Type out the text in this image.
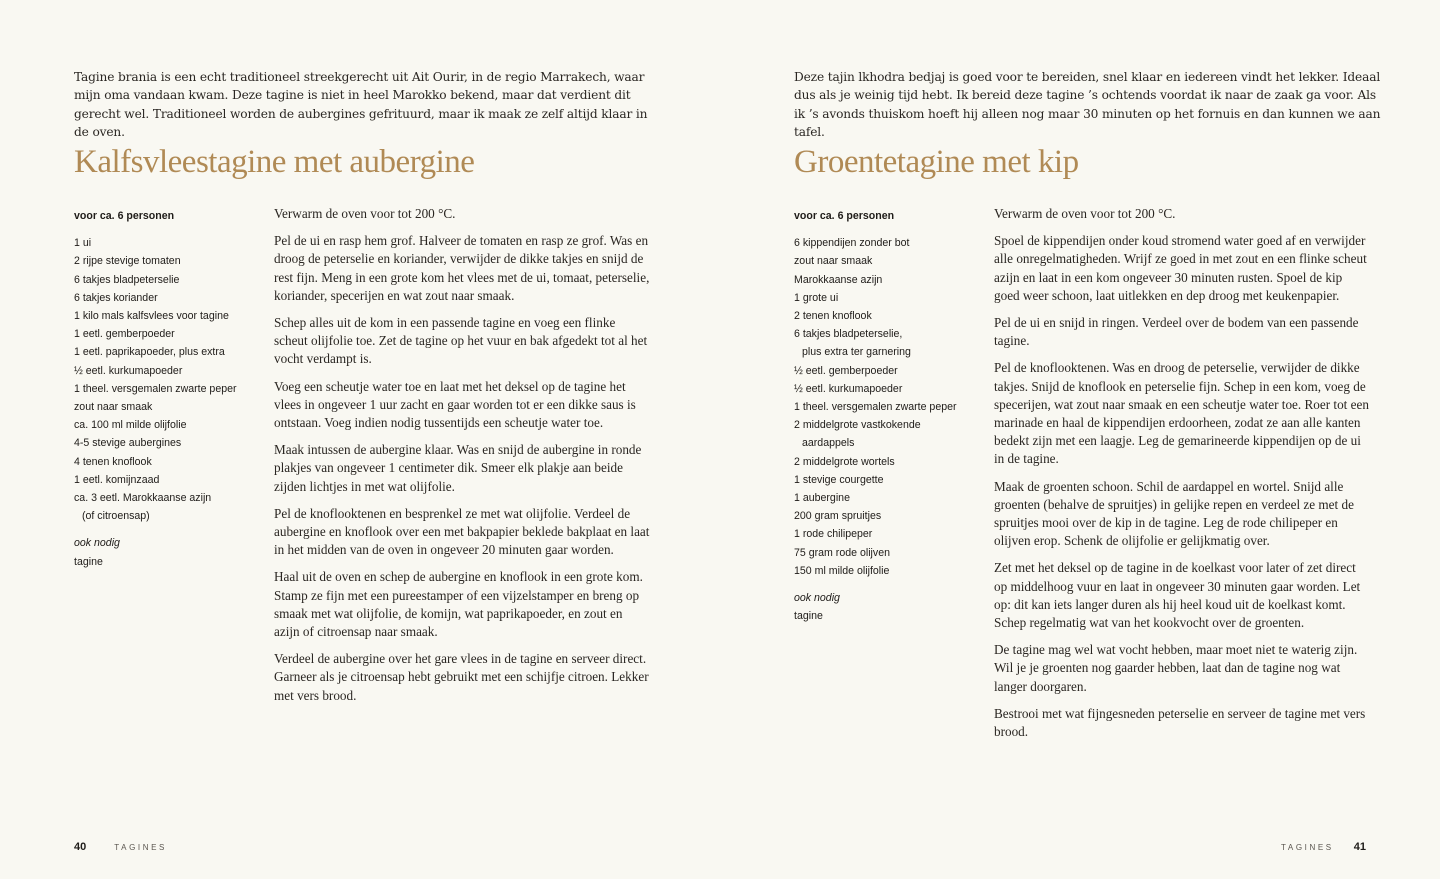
Tagine brania is een echt traditioneel streekgerecht uit Ait Ourir, in de regio Marrakech, waar mijn oma vandaan kwam. Deze tagine is niet in heel Marokko bekend, maar dat verdient dit gerecht wel. Traditioneel worden de aubergines gefrituurd, maar ik maak ze zelf altijd klaar in de oven.
Kalfsvleestagine met aubergine
voor ca. 6 personen
1 ui
2 rijpe stevige tomaten
6 takjes bladpeterselie
6 takjes koriander
1 kilo mals kalfsvlees voor tagine
1 eetl. gemberpoeder
1 eetl. paprikapoeder, plus extra
½ eetl. kurkumapoeder
1 theel. versgemalen zwarte peper
zout naar smaak
ca. 100 ml milde olijfolie
4-5 stevige aubergines
4 tenen knoflook
1 eetl. komijnzaad
ca. 3 eetl. Marokkaanse azijn
(of citroensap)
ook nodig
tagine

Verwarm de oven voor tot 200 °C.

Pel de ui en rasp hem grof. Halveer de tomaten en rasp ze grof. Was en droog de peterselie en koriander, verwijder de dikke takjes en snijd de rest fijn. Meng in een grote kom het vlees met de ui, tomaat, peterselie, koriander, specerijen en wat zout naar smaak.

Schep alles uit de kom in een passende tagine en voeg een flinke scheut olijfolie toe. Zet de tagine op het vuur en bak afgedekt tot al het vocht verdampt is.

Voeg een scheutje water toe en laat met het deksel op de tagine het vlees in ongeveer 1 uur zacht en gaar worden tot er een dikke saus is ontstaan. Voeg indien nodig tussentijds een scheutje water toe.

Maak intussen de aubergine klaar. Was en snijd de aubergine in ronde plakjes van ongeveer 1 centimeter dik. Smeer elk plakje aan beide zijden lichtjes in met wat olijfolie.

Pel de knoflooktenen en besprenkel ze met wat olijfolie. Verdeel de aubergine en knoflook over een met bakpapier beklede bakplaat en laat in het midden van de oven in ongeveer 20 minuten gaar worden.

Haal uit de oven en schep de aubergine en knoflook in een grote kom. Stamp ze fijn met een pureestamper of een vijzelstamper en breng op smaak met wat olijfolie, de komijn, wat paprikapoeder, en zout en azijn of citroensap naar smaak.

Verdeel de aubergine over het gare vlees in de tagine en serveer direct. Garneer als je citroensap hebt gebruikt met een schijfje citroen. Lekker met vers brood.

40	TAGINES
Deze tajin lkhodra bedjaj is goed voor te bereiden, snel klaar en iedereen vindt het lekker. Ideaal dus als je weinig tijd hebt. Ik bereid deze tagine ’s ochtends voordat ik naar de zaak ga voor. Als ik ’s avonds thuiskom hoeft hij alleen nog maar 30 minuten op het fornuis en dan kunnen we aan tafel.
Groentetagine met kip
voor ca. 6 personen
6 kippendijen zonder bot
zout naar smaak
Marokkaanse azijn
1 grote ui
2 tenen knoflook
6 takjes bladpeterselie,
plus extra ter garnering
½ eetl. gemberpoeder
½ eetl. kurkumapoeder
1 theel. versgemalen zwarte peper
2 middelgrote vastkokende
aardappels
2 middelgrote wortels
1 stevige courgette
1 aubergine
200 gram spruitjes
1 rode chilipeper
75 gram rode olijven
150 ml milde olijfolie
ook nodig
tagine

Verwarm de oven voor tot 200 °C.

Spoel de kippendijen onder koud stromend water goed af en verwijder alle onregelmatigheden. Wrijf ze goed in met zout en een flinke scheut azijn en laat in een kom ongeveer 30 minuten rusten. Spoel de kip goed weer schoon, laat uitlekken en dep droog met keukenpapier.

Pel de ui en snijd in ringen. Verdeel over de bodem van een passende tagine.

Pel de knoflooktenen. Was en droog de peterselie, verwijder de dikke takjes. Snijd de knoflook en peterselie fijn. Schep in een kom, voeg de specerijen, wat zout naar smaak en een scheutje water toe. Roer tot een marinade en haal de kippendijen erdoorheen, zodat ze aan alle kanten bedekt zijn met een laagje. Leg de gemarineerde kippendijen op de ui in de tagine.

Maak de groenten schoon. Schil de aardappel en wortel. Snijd alle groenten (behalve de spruitjes) in gelijke repen en verdeel ze met de spruitjes mooi over de kip in de tagine. Leg de rode chilipeper en olijven erop. Schenk de olijfolie er gelijkmatig over.

Zet met het deksel op de tagine in de koelkast voor later of zet direct op middelhoog vuur en laat in ongeveer 30 minuten gaar worden. Let op: dit kan iets langer duren als hij heel koud uit de koelkast komt. Schep regelmatig wat van het kookvocht over de groenten.

De tagine mag wel wat vocht hebben, maar moet niet te waterig zijn. Wil je je groenten nog gaarder hebben, laat dan de tagine nog wat langer doorgaren.

Bestrooi met wat fijngesneden peterselie en serveer de tagine met vers brood.

TAGINES 41
